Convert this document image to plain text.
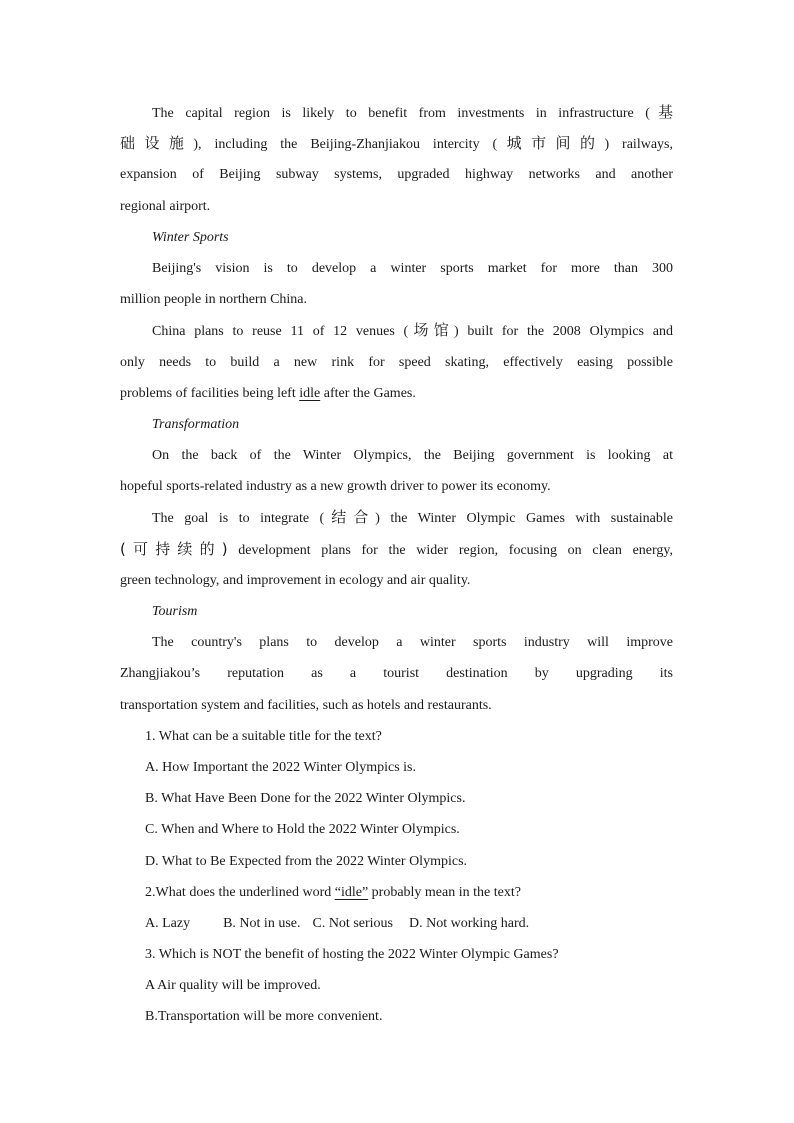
The capital region is likely to benefit from investments in infrastructure (基
础设施), including the Beijing-Zhanjiakou intercity (城市间的) railways,
expansion of Beijing subway systems, upgraded highway networks and another
regional airport.
Winter Sports
Beijing's vision is to develop a winter sports market for more than 300
million people in northern China.
China plans to reuse 11 of 12 venues (场馆) built for the 2008 Olympics and
only needs to build a new rink for speed skating, effectively easing possible
problems of facilities being left idle after the Games.
Transformation
On the back of the Winter Olympics, the Beijing government is looking at
hopeful sports-related industry as a new growth driver to power its economy.
The goal is to integrate (结合) the Winter Olympic Games with sustainable
(可持续的) development plans for the wider region, focusing on clean energy,
green technology, and improvement in ecology and air quality.
Tourism
The country's plans to develop a winter sports industry will improve
Zhangjiakou’s reputation as a tourist destination by upgrading its
transportation system and facilities, such as hotels and restaurants.
1. What can be a suitable title for the text?
A. How Important the 2022 Winter Olympics is.
B. What Have Been Done for the 2022 Winter Olympics.
C. When and Where to Hold the 2022 Winter Olympics.
D. What to Be Expected from the 2022 Winter Olympics.
2.What does the underlined word “idle” probably mean in the text?
A. Lazy B. Not in use. C. Not serious D. Not working hard.
3. Which is NOT the benefit of hosting the 2022 Winter Olympic Games?
A Air quality will be improved.
B.Transportation will be more convenient.
